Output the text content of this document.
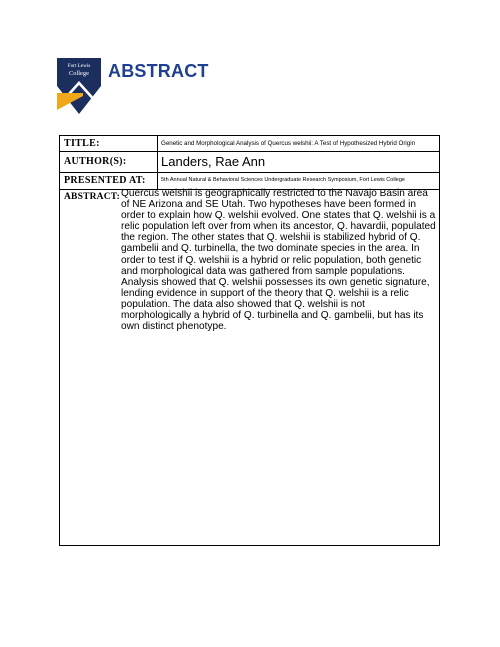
Fort Lewis
College ABSTRACT
TITLE:	Genetic and Morphological Analysis of Quercus welshii: A Test of Hypothesized Hybrid Origin
AUTHOR(S):	Landers, Rae Ann
PRESENTED AT:	5th Annual Natural & Behavioral Sciences Undergraduate Research Symposium, Fort Lewis College
ABSTRACT: Quercus welshii is geographically restricted to the Navajo Basin area of NE Arizona and SE Utah. Two hypotheses have been formed in order to explain how Q. welshii evolved. One states that Q. welshii is a relic population left over from when its ancestor, Q. havardii, populated the region. The other states that Q. welshii is stabilized hybrid of Q. gambelii and Q. turbinella, the two dominate species in the area. In order to test if Q. welshii is a hybrid or relic population, both genetic and morphological data was gathered from sample populations. Analysis showed that Q. welshii possesses its own genetic signature, lending evidence in support of the theory that Q. welshii is a relic population. The data also showed that Q. welshii is not morphologically a hybrid of Q. turbinella and Q. gambelii, but has its own distinct phenotype.
